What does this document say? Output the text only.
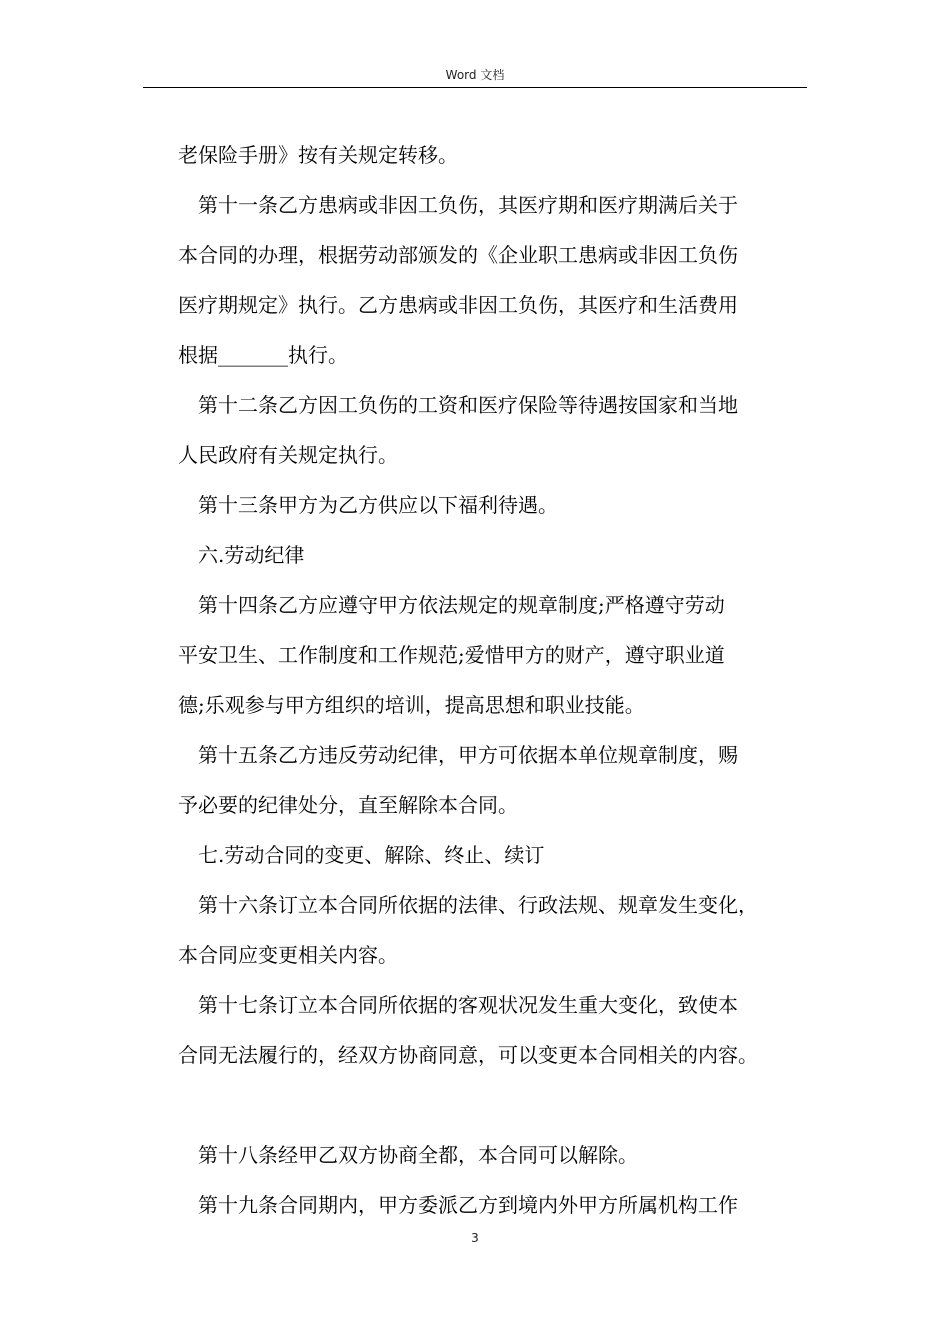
Word 文档
老保险手册》按有关规定转移。
第十一条乙方患病或非因工负伤，其医疗期和医疗期满后关于
本合同的办理，根据劳动部颁发的《企业职工患病或非因工负伤
医疗期规定》执行。乙方患病或非因工负伤，其医疗和生活费用
根据_______执行。
第十二条乙方因工负伤的工资和医疗保险等待遇按国家和当地
人民政府有关规定执行。
第十三条甲方为乙方供应以下福利待遇。
六.劳动纪律
第十四条乙方应遵守甲方依法规定的规章制度;严格遵守劳动
平安卫生、工作制度和工作规范;爱惜甲方的财产，遵守职业道
德;乐观参与甲方组织的培训，提高思想和职业技能。
第十五条乙方违反劳动纪律，甲方可依据本单位规章制度，赐
予必要的纪律处分，直至解除本合同。
七.劳动合同的变更、解除、终止、续订
第十六条订立本合同所依据的法律、行政法规、规章发生变化，
本合同应变更相关内容。
第十七条订立本合同所依据的客观状况发生重大变化，致使本
合同无法履行的，经双方协商同意，可以变更本合同相关的内容。
第十八条经甲乙双方协商全都，本合同可以解除。
第十九条合同期内，甲方委派乙方到境内外甲方所属机构工作
3
